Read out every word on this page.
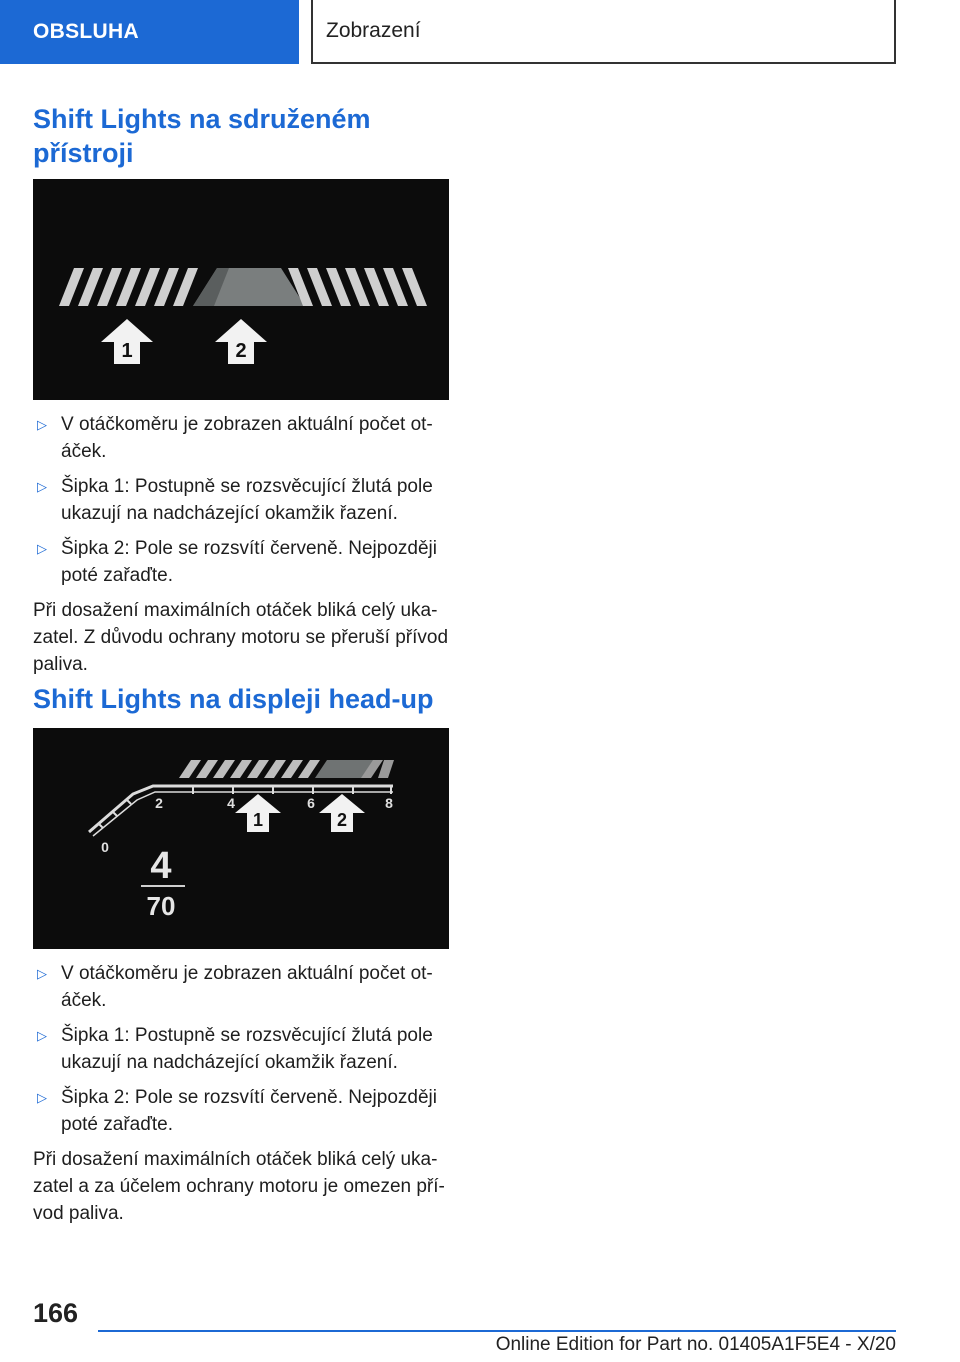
OBSLUHA	Zobrazení
Shift Lights na sdruženém
přístroji
1	2
▷ V otáčkoměru je zobrazen aktuální počet ot-
áček.
▷ Šipka 1: Postupně se rozsvěcující žlutá pole
ukazují na nadcházející okamžik řazení.
▷ Šipka 2: Pole se rozsvítí červeně. Nejpozději
poté zařaďte.

Při dosažení maximálních otáček bliká celý uka-
zatel. Z důvodu ochrany motoru se přeruší přívod
paliva.

Shift Lights na displeji head-up
0
2	4	6	8
1	2
4
70
▷ V otáčkoměru je zobrazen aktuální počet ot-
áček.
▷ Šipka 1: Postupně se rozsvěcující žlutá pole
ukazují na nadcházející okamžik řazení.
▷ Šipka 2: Pole se rozsvítí červeně. Nejpozději
poté zařaďte.

Při dosažení maximálních otáček bliká celý uka-
zatel a za účelem ochrany motoru je omezen pří-
vod paliva.

166
Online Edition for Part no. 01405A1F5E4 - X/20
